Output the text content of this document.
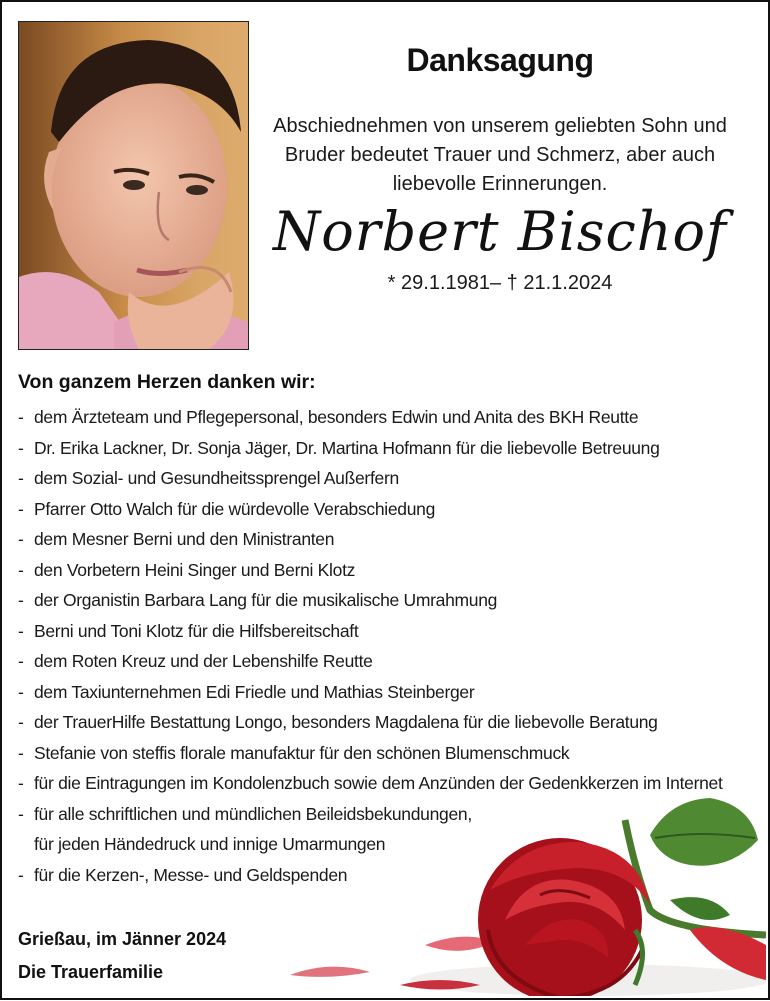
Danksagung
Abschiednehmen von unserem geliebten Sohn und
Bruder bedeutet Trauer und Schmerz, aber auch
liebevolle Erinnerungen.
Norbert Bischof
* 29.1.1981– † 21.1.2024
Von ganzem Herzen danken wir:
- dem Ärzteteam und Pflegepersonal, besonders Edwin und Anita des BKH Reutte
- Dr. Erika Lackner, Dr. Sonja Jäger, Dr. Martina Hofmann für die liebevolle Betreuung
- dem Sozial- und Gesundheitssprengel Außerfern
- Pfarrer Otto Walch für die würdevolle Verabschiedung
- dem Mesner Berni und den Ministranten
- den Vorbetern Heini Singer und Berni Klotz
- der Organistin Barbara Lang für die musikalische Umrahmung
- Berni und Toni Klotz für die Hilfsbereitschaft
- dem Roten Kreuz und der Lebenshilfe Reutte
- dem Taxiunternehmen Edi Friedle und Mathias Steinberger
- der TrauerHilfe Bestattung Longo, besonders Magdalena für die liebevolle Beratung
- Stefanie von steffis florale manufaktur für den schönen Blumenschmuck
- für die Eintragungen im Kondolenzbuch sowie dem Anzünden der Gedenkkerzen im Internet
- für alle schriftlichen und mündlichen Beileidsbekundungen,
für jeden Händedruck und innige Umarmungen
- für die Kerzen-, Messe- und Geldspenden
Grießau, im Jänner 2024
Die Trauerfamilie
